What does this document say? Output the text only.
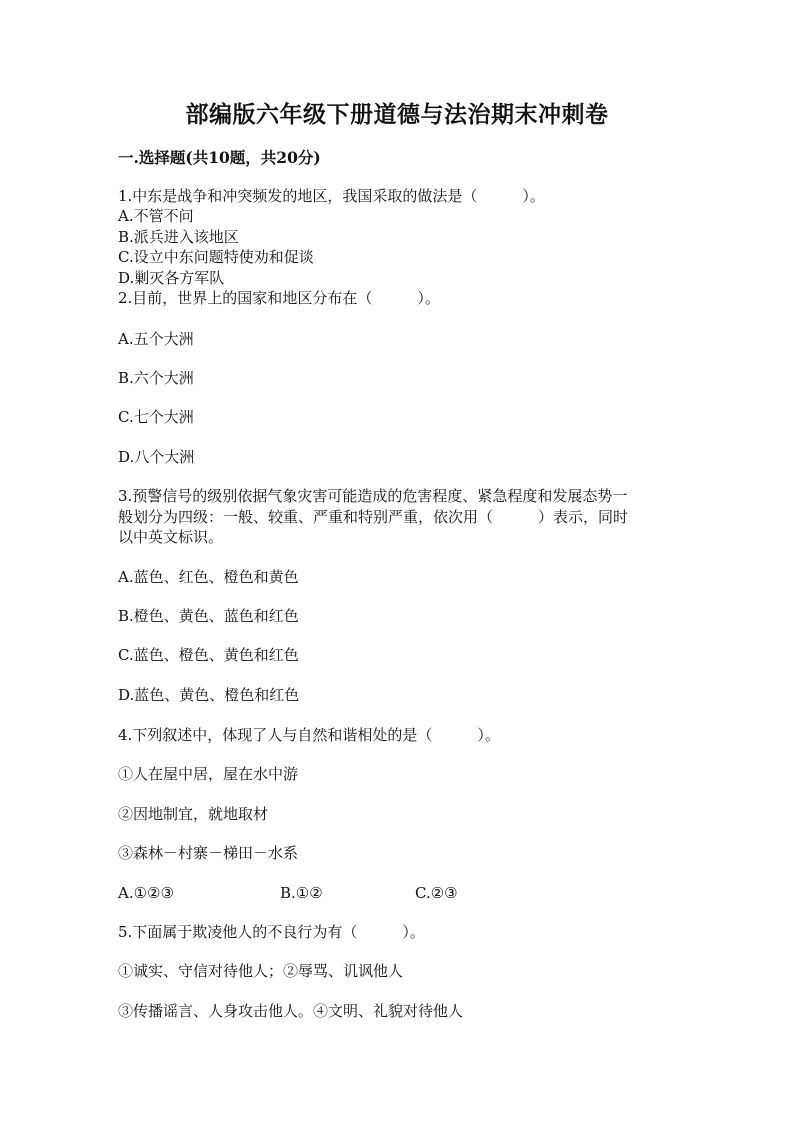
部编版六年级下册道德与法治期末冲刺卷
一.选择题(共10题，共20分)
1.中东是战争和冲突频发的地区，我国采取的做法是（　　　）。
A.不管不问
B.派兵进入该地区
C.设立中东问题特使劝和促谈
D.剿灭各方军队
2.目前，世界上的国家和地区分布在（　　　）。
A.五个大洲
B.六个大洲
C.七个大洲
D.八个大洲
3.预警信号的级别依据气象灾害可能造成的危害程度、紧急程度和发展态势一
般划分为四级：一般、较重、严重和特别严重，依次用（　　　）表示，同时
以中英文标识。
A.蓝色、红色、橙色和黄色
B.橙色、黄色、蓝色和红色
C.蓝色、橙色、黄色和红色
D.蓝色、黄色、橙色和红色
4.下列叙述中，体现了人与自然和谐相处的是（　　　）。
①人在屋中居，屋在水中游
②因地制宜，就地取材
③森林－村寨－梯田－水系
A.①②③	B.①②	C.②③
5.下面属于欺凌他人的不良行为有（　　　）。
①诚实、守信对待他人；②辱骂、讥讽他人
③传播谣言、人身攻击他人。④文明、礼貌对待他人
